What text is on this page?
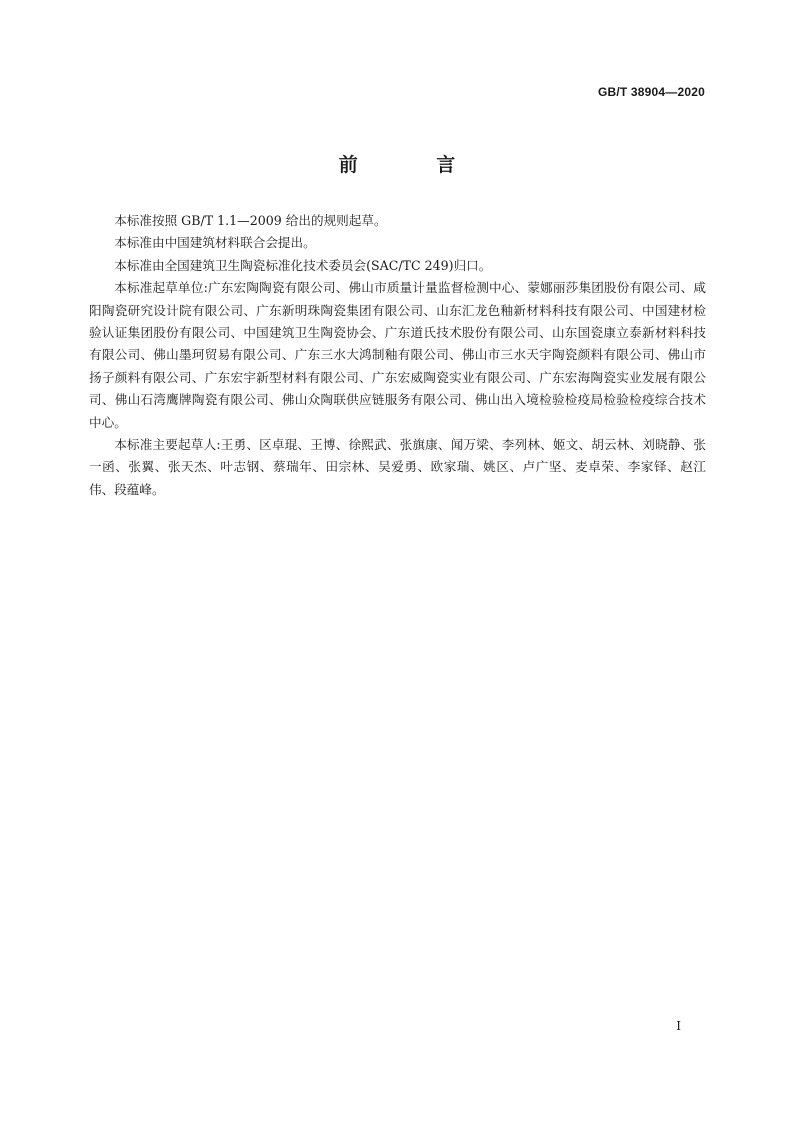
GB/T 38904—2020
前 言

本标准按照 GB/T 1.1—2009 给出的规则起草。

本标准由中国建筑材料联合会提出。

本标准由全国建筑卫生陶瓷标准化技术委员会(SAC/TC 249)归口。

本标准起草单位:广东宏陶陶瓷有限公司、佛山市质量计量监督检测中心、蒙娜丽莎集团股份有限公司、咸阳陶瓷研究设计院有限公司、广东新明珠陶瓷集团有限公司、山东汇龙色釉新材料科技有限公司、中国建材检验认证集团股份有限公司、中国建筑卫生陶瓷协会、广东道氏技术股份有限公司、山东国瓷康立泰新材料科技有限公司、佛山墨珂贸易有限公司、广东三水大鸿制釉有限公司、佛山市三水天宇陶瓷颜料有限公司、佛山市扬子颜料有限公司、广东宏宇新型材料有限公司、广东宏威陶瓷实业有限公司、广东宏海陶瓷实业发展有限公司、佛山石湾鹰牌陶瓷有限公司、佛山众陶联供应链服务有限公司、佛山出入境检验检疫局检验检疫综合技术中心。

本标准主要起草人:王勇、区卓琨、王博、徐熙武、张旗康、闻万梁、李列林、姬文、胡云林、刘晓静、张一函、张翼、张天杰、叶志钢、蔡瑞年、田宗林、吴爱勇、欧家瑞、姚区、卢广坚、麦卓荣、李家铎、赵江伟、段蕴峰。

I
